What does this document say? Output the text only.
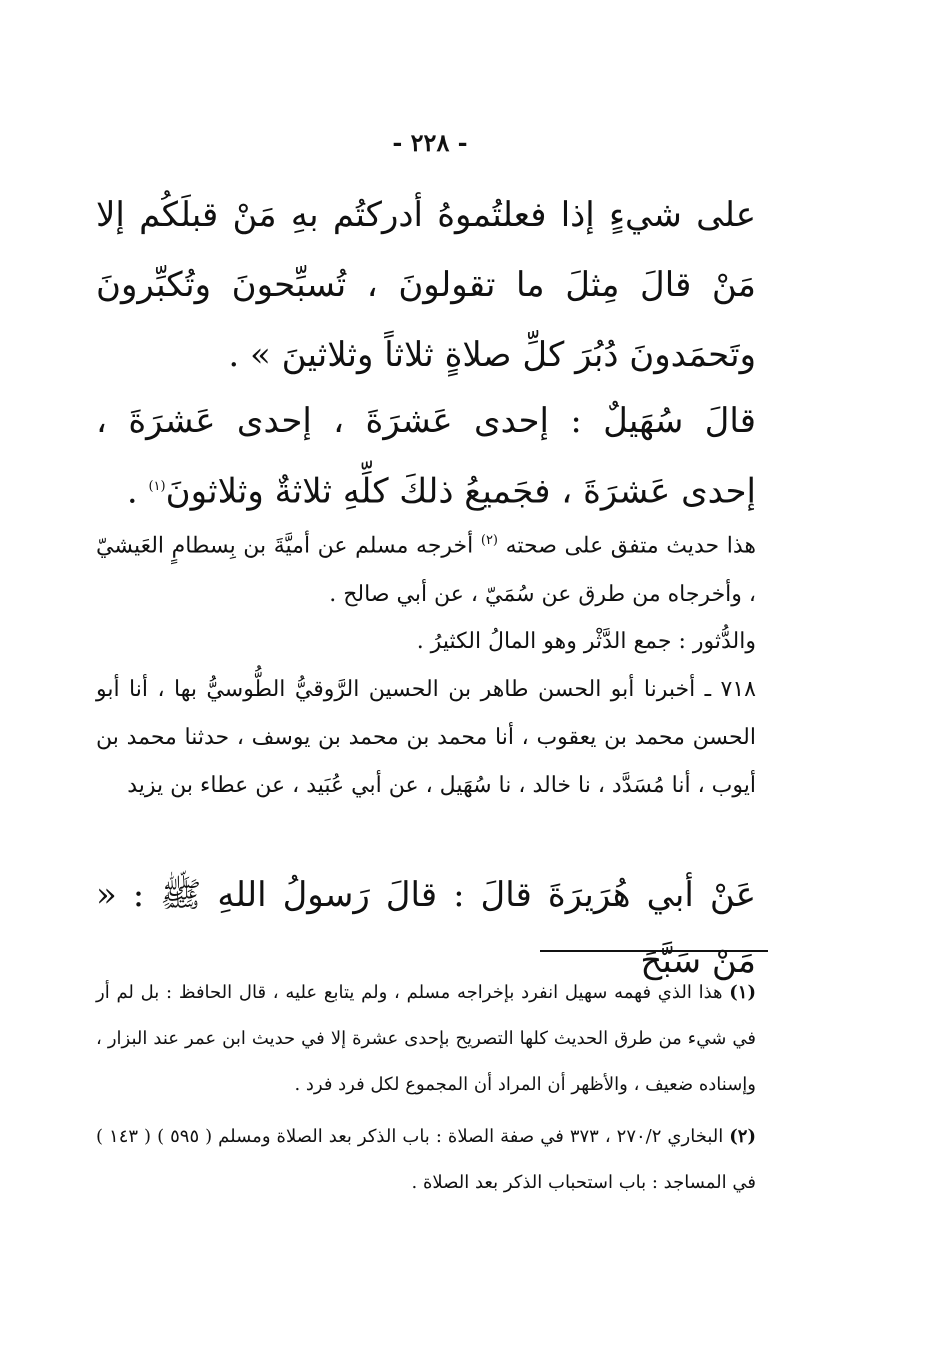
- ٢٢٨ -

على شيءٍ إذا فعلتُموهُ أدركتُم بهِ مَنْ قبلَكُم إلا مَنْ قالَ مِثلَ ما تقولونَ ، تُسبِّحونَ وتُكبِّرونَ وتَحمَدونَ دُبُرَ كلِّ صلاةٍ ثلاثاً وثلاثينَ » .

قالَ سُهَيلٌ : إحدى عَشرَةَ ، إحدى عَشرَةَ ، إحدى عَشرَةَ ، فجَميعُ ذلكَ كلِّهِ ثلاثةٌ وثلاثونَ$^{(١)}$ .

هذا حديث متفق على صحته $^{(٢)}$ أخرجه مسلم عن أميَّةَ بن بِسطامٍ العَيشيّ ، وأخرجاه من طرق عن سُمَيّ ، عن أبي صالح .

والدُّثور : جمع الدَّثْر وهو المالُ الكثيرُ .

٧١٨ ـ أخبرنا أبو الحسن طاهر بن الحسين الرَّوقيُّ الطُّوسيُّ بها ، أنا أبو الحسن محمد بن يعقوب ، أنا محمد بن محمد بن يوسف ، حدثنا محمد بن أيوب ، أنا مُسَدَّد ، نا خالد ، نا سُهَيل ، عن أبي عُبَيد ، عن عطاء بن يزيد

عَنْ أبي هُرَيرَةَ قالَ : قالَ رَسولُ اللهِ ﷺ : « مَنْ سَبَّحَ

(١) هذا الذي فهمه سهيل انفرد بإخراجه مسلم ، ولم يتابع عليه ، قال الحافظ : بل لم أر في شيء من طرق الحديث كلها التصريح بإحدى عشرة إلا في حديث ابن عمر عند البزار ، وإسناده ضعيف ، والأظهر أن المراد أن المجموع لكل فرد فرد .

(٢) البخاري ٢٧٠/٢ ، ٣٧٣ في صفة الصلاة : باب الذكر بعد الصلاة ومسلم ( ٥٩٥ ) ( ١٤٣ ) في المساجد : باب استحباب الذكر بعد الصلاة .
